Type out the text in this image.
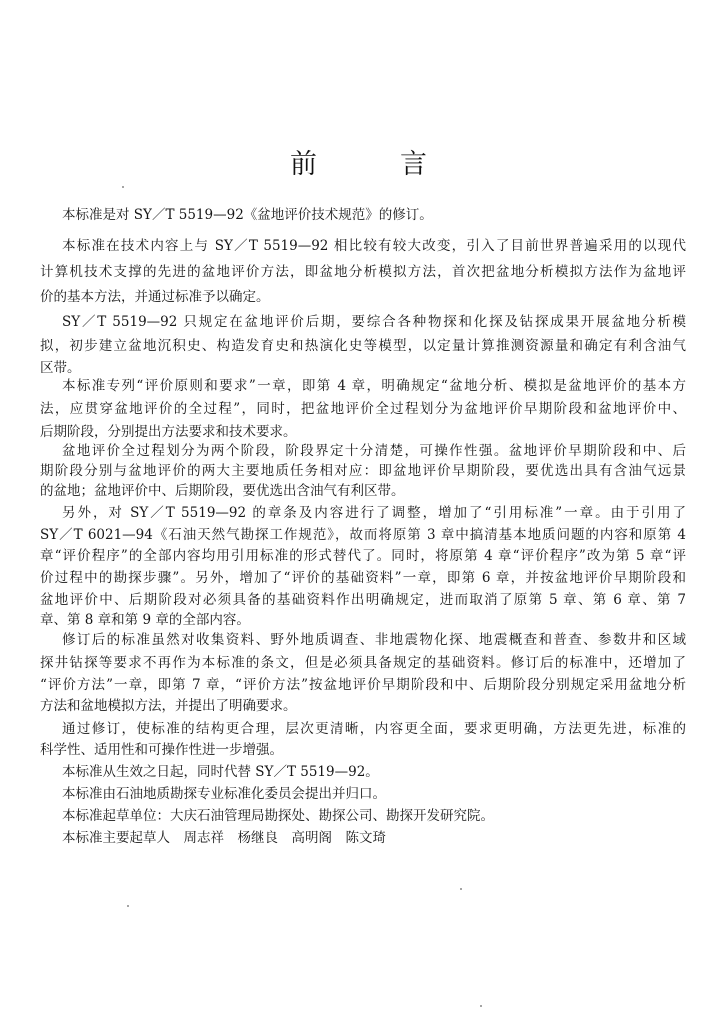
前	言
本标准是对 SY／T 5519—92《盆地评价技术规范》的修订。
本标准在技术内容上与 SY／T 5519—92 相比较有较大改变，引入了目前世界普遍采用的以现代
计算机技术支撑的先进的盆地评价方法，即盆地分析模拟方法，首次把盆地分析模拟方法作为盆地评
价的基本方法，并通过标准予以确定。
SY／T 5519—92 只规定在盆地评价后期，要综合各种物探和化探及钻探成果开展盆地分析模
拟，初步建立盆地沉积史、构造发育史和热演化史等模型，以定量计算推测资源量和确定有利含油气
区带。
本标准专列“评价原则和要求”一章，即第 4 章，明确规定“盆地分析、模拟是盆地评价的基本方
法，应贯穿盆地评价的全过程”，同时，把盆地评价全过程划分为盆地评价早期阶段和盆地评价中、
后期阶段，分别提出方法要求和技术要求。
盆地评价全过程划分为两个阶段，阶段界定十分清楚，可操作性强。盆地评价早期阶段和中、后
期阶段分别与盆地评价的两大主要地质任务相对应：即盆地评价早期阶段，要优选出具有含油气远景
的盆地；盆地评价中、后期阶段，要优选出含油气有利区带。
另外，对 SY／T 5519—92 的章条及内容进行了调整，增加了“引用标准”一章。由于引用了
SY／T 6021—94《石油天然气勘探工作规范》，故而将原第 3 章中搞清基本地质问题的内容和原第 4
章“评价程序”的全部内容均用引用标准的形式替代了。同时，将原第 4 章“评价程序”改为第 5 章“评
价过程中的勘探步骤”。另外，增加了“评价的基础资料”一章，即第 6 章，并按盆地评价早期阶段和
盆地评价中、后期阶段对必须具备的基础资料作出明确规定，进而取消了原第 5 章、第 6 章、第 7
章、第 8 章和第 9 章的全部内容。
修订后的标准虽然对收集资料、野外地质调查、非地震物化探、地震概查和普查、参数井和区域
探井钻探等要求不再作为本标准的条文，但是必须具备规定的基础资料。修订后的标准中，还增加了
“评价方法”一章，即第 7 章，“评价方法”按盆地评价早期阶段和中、后期阶段分别规定采用盆地分析
方法和盆地模拟方法，并提出了明确要求。
通过修订，使标准的结构更合理，层次更清晰，内容更全面，要求更明确，方法更先进，标准的
科学性、适用性和可操作性进一步增强。
本标准从生效之日起，同时代替 SY／T 5519—92。
本标准由石油地质勘探专业标准化委员会提出并归口。
本标准起草单位：大庆石油管理局勘探处、勘探公司、勘探开发研究院。
本标准主要起草人　周志祥　杨继良　高明阁　陈文琦
